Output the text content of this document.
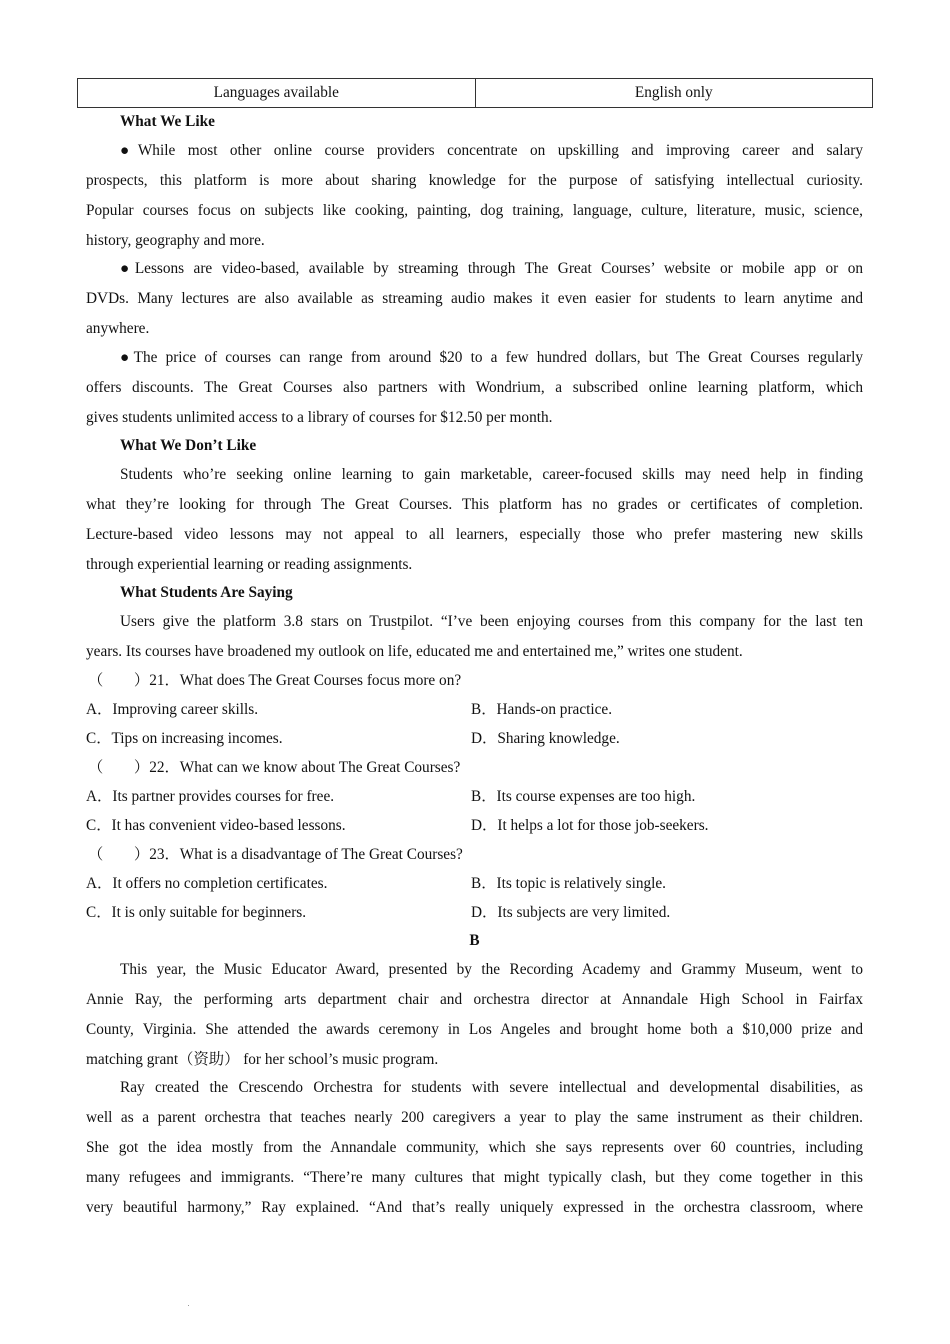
Languages available	English only
What We Like
●While most other online course providers concentrate on upskilling and improving career and salary
prospects, this platform is more about sharing knowledge for the purpose of satisfying intellectual curiosity.
Popular courses focus on subjects like cooking, painting, dog training, language, culture, literature, music, science,
history, geography and more.
●Lessons are video-based, available by streaming through The Great Courses’ website or mobile app or on
DVDs. Many lectures are also available as streaming audio makes it even easier for students to learn anytime and
anywhere.
●The price of courses can range from around $20 to a few hundred dollars, but The Great Courses regularly
offers discounts. The Great Courses also partners with Wondrium, a subscribed online learning platform, which
gives students unlimited access to a library of courses for $12.50 per month.
What We Don’t Like
Students who’re seeking online learning to gain marketable, career-focused skills may need help in finding
what they’re looking for through The Great Courses. This platform has no grades or certificates of completion.
Lecture-based video lessons may not appeal to all learners, especially those who prefer mastering new skills
through experiential learning or reading assignments.
What Students Are Saying
Users give the platform 3.8 stars on Trustpilot. “I’ve been enjoying courses from this company for the last ten
years. Its courses have broadened my outlook on life, educated me and entertained me,” writes one student.
（　　）21．What does The Great Courses focus more on?
A．Improving career skills.	B．Hands-on practice.
C．Tips on increasing incomes.	D．Sharing knowledge.
（　　）22．What can we know about The Great Courses?
A．Its partner provides courses for free.	B．Its course expenses are too high.
C．It has convenient video-based lessons.	D．It helps a lot for those job-seekers.
（　　）23．What is a disadvantage of The Great Courses?
A．It offers no completion certificates.	B．Its topic is relatively single.
C．It is only suitable for beginners.	D．Its subjects are very limited.
B
This year, the Music Educator Award, presented by the Recording Academy and Grammy Museum, went to
Annie Ray, the performing arts department chair and orchestra director at Annandale High School in Fairfax
County, Virginia. She attended the awards ceremony in Los Angeles and brought home both a $10,000 prize and
matching grant（资助） for her school’s music program.
Ray created the Crescendo Orchestra for students with severe intellectual and developmental disabilities, as
well as a parent orchestra that teaches nearly 200 caregivers a year to play the same instrument as their children.
She got the idea mostly from the Annandale community, which she says represents over 60 countries, including
many refugees and immigrants. “There’re many cultures that might typically clash, but they come together in this
very beautiful harmony,” Ray explained. “And that’s really uniquely expressed in the orchestra classroom, where
